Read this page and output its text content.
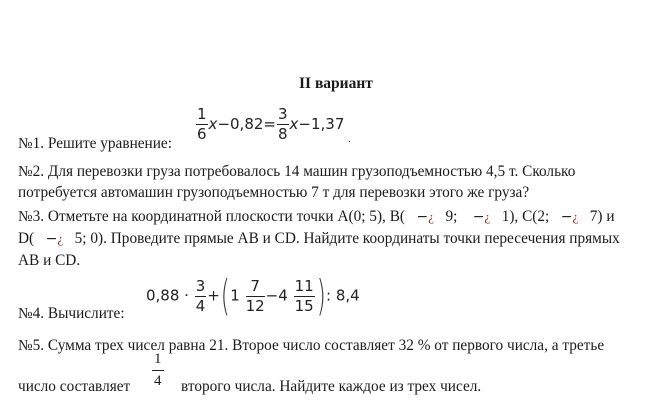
II вариант
№1. Решите уравнение:
$\frac{1}{6} x-0,82= \frac{3}{8} x-1,37$
.
№2. Для перевозки груза потребовалось 14 машин грузоподъемностью 4,5 т. Сколько
потребуется автомашин грузоподъемностью 7 т для перевозки этого же груза?
№3. Отметьте на координатной плоскости точки A(0; 5), B( −¿ 9; −¿ 1), C(2; −¿ 7) и
D( −¿ 5; 0). Проведите прямые AB и CD. Найдите координаты точки пересечения прямых
AB и CD.
№4. Вычислите:
$0,88 \cdot \frac{3}{4} +(1 \frac{7}{12} -4 \frac{11}{15}$ ): 8,4
№5. Сумма трех чисел равна 21. Второе число составляет 32 % от первого числа, а третье
число составляет
1
4 второго числа. Найдите каждое из трех чисел.
